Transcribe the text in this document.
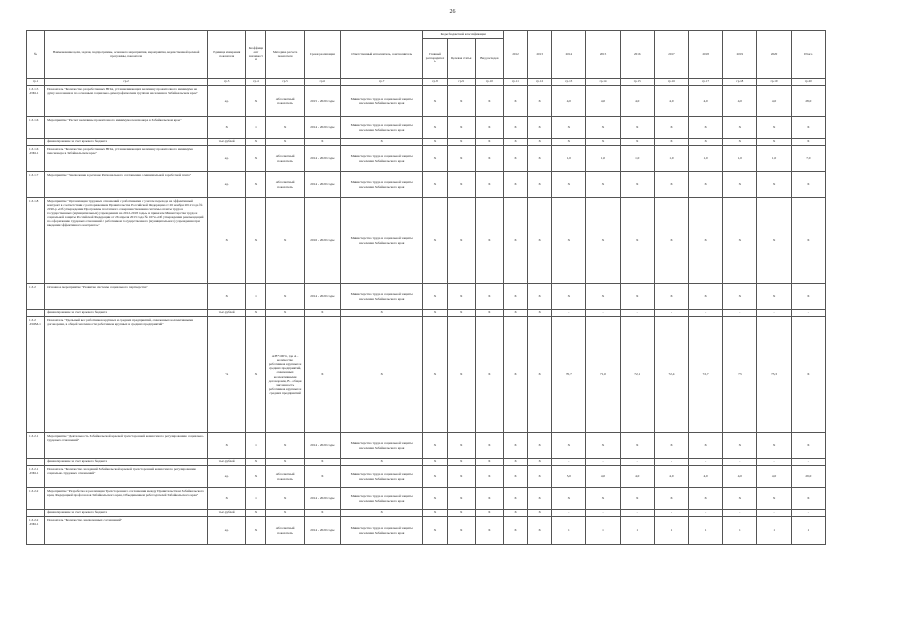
26
№	Наименование цели, задачи, подпрограммы, основного мероприятия, мероприятия, ведомственной целевой программы, показателя	Единица измерения показателя	Коэффициент значимости	Методика расчета показателя	Сроки реализации	Ответственный исполнитель, соисполнитель	Коды бюджетной классификации			2012	2013	2014	2015	2016	2017	2018	2019	2020	Итого
							Главный распорядитель	Целевая статья	Вид расходов										
гр.1	гр.2	гр.3	гр.4	гр.5	гр.6	гр.7	гр.8	гр.9	гр.10	гр.11	гр.12	гр.13	гр.14	гр.15	гр.16	гр.17	гр.18	гр.19	гр.20
1.3.1.5 -ПМ-1	Показатель "Количество разработанных НПА, устанавливающих величину прожиточного минимума на душу населения и по основным социально-демографическим группам населения в Забайкальском крае"	ед.	X	Абсолютный показатель	2015 - 2020 годы	Министерство труда и социальной защиты населения Забайкальского края	X	X	X	X	X	4,0	4,0	4,0	4,0	4,0	4,0	4,0	28,0
1.3.1.6	Мероприятие "Расчет величины прожиточного минимума пенсионера в Забайкальском крае"	X	1	X	2014 - 2020 годы	Министерство труда и социальной защиты населения Забайкальского края	X	X	X	X	X	X	X	X	X	X	X	X	X
	финансирование за счет краевого бюджета	тыс.рублей	X	X	X	X	X	X	X	X	X	X	X	X	X	X	X	X	X
1.3.1.6 -ПМ-1	Показатель "Количество разработанных НПА, устанавливающих величину прожиточного минимума пенсионера в Забайкальском крае"	ед.	X	Абсолютный показатель	2014 - 2020 годы	Министерство труда и социальной защиты населения Забайкальского края	X	X	X	X	X	1,0	1,0	1,0	1,0	1,0	1,0	1,0	7,0
1.3.1.7	Мероприятие "Заключение в регионе Регионального соглашения о минимальной заработной плате"	ед.	X	Абсолютный показатель	2014 - 2020 годы	Министерство труда и социальной защиты населения Забайкальского края	X	X	X	X	X	X	X	X	X	X	X	X	X
1.3.1.8	Мероприятие "Организация трудовых отношений с работниками с учетом перехода на эффективный контракт в соответствии с распоряжением Правительства Российской Федерации от 26 ноября 2012 года № 2190-р «Об утверждении Программы поэтапного совершенствования системы оплаты труда в государственных (муниципальных) учреждениях на 2012-2018 годы» и приказом Министерства труда и социальной защиты Российской Федерации от 26 апреля 2013 года № 167н «Об утверждении рекомендаций по оформлению трудовых отношений с работником государственного (муниципального) учреждения при введении эффективного контракта»"	X	X	X	2016 - 2020 годы	Министерство труда и социальной защиты населения Забайкальского края	X	X	X	X	X	X	X	X	X	X	X	X	X
1.3.2	Основное мероприятие "Развитие системы социального партнерства"	X	1	X	2014 - 2020 годы	Министерство труда и социальной защиты населения Забайкальского края	X	X	X	X	X	X	X	X	X	X	X	X	X
	финансирование за счет краевого бюджета	тыс.рублей	X	X	X	X	X	X	X	X	X	-	-	-	-	-	-	-	-
1.3.2 -ПОМ-1	Показатель "Удельный вес работников крупных и средних предприятий, охваченных коллективными договорами, в общей численности работников крупных и средних предприятий"	%	X	A/B*100%, где А - количество работников крупных и средних предприятий, охваченных коллективными договорами, В - общая численность работников крупных и средних предприятий	X	X	X	X	X	X	X	70,7	71,0	72,1	72,4	72,7	73	73,3	X
1.3.2.1	Мероприятие "Деятельность Забайкальской краевой трехсторонней комиссии по регулированию социально-трудовых отношений"	X	1	X	2014 - 2020 годы	Министерство труда и социальной защиты населения Забайкальского края	X	X	X	X	X	X	X	X	X	X	X	X	X
	финансирование за счет краевого бюджета	тыс.рублей	X	X	X	X	X	X	X	X	X	-	-	-	-	-	-	-	-
1.3.2.1 -ПМ-1	Показатель "Количество заседаний Забайкальской краевой трехсторонней комиссии по регулированию социально-трудовых отношений"	ед.	X	Абсолютный показатель	X	Министерство труда и социальной защиты населения Забайкальского края	X	X	X	X	X	5,0	4,0	4,0	4,0	4,0	4,0	4,0	29,0
1.3.2.2	Мероприятие "Разработка и реализация Трехстороннего соглашения между Правительством Забайкальского края, Федерацией профсоюзов Забайкальского края, Объединением работодателей Забайкальского края"	X	1	X	2014 - 2020 годы	Министерство труда и социальной защиты населения Забайкальского края	X	X	X	X	X	X	X	X	X	X	X	X	X
	финансирование за счет краевого бюджета	тыс.рублей	X	X	X	X	X	X	X	X	X	-	-	-	-	-	-	-	-
1.3.2.2 -ПМ-1	Показатель "Количество заключенных соглашений"	ед.	X	Абсолютный показатель	2014 - 2020 годы	Министерство труда и социальной защиты населения Забайкальского края	X	X	X	X	X	1	1	1	1	1	1	1	1
